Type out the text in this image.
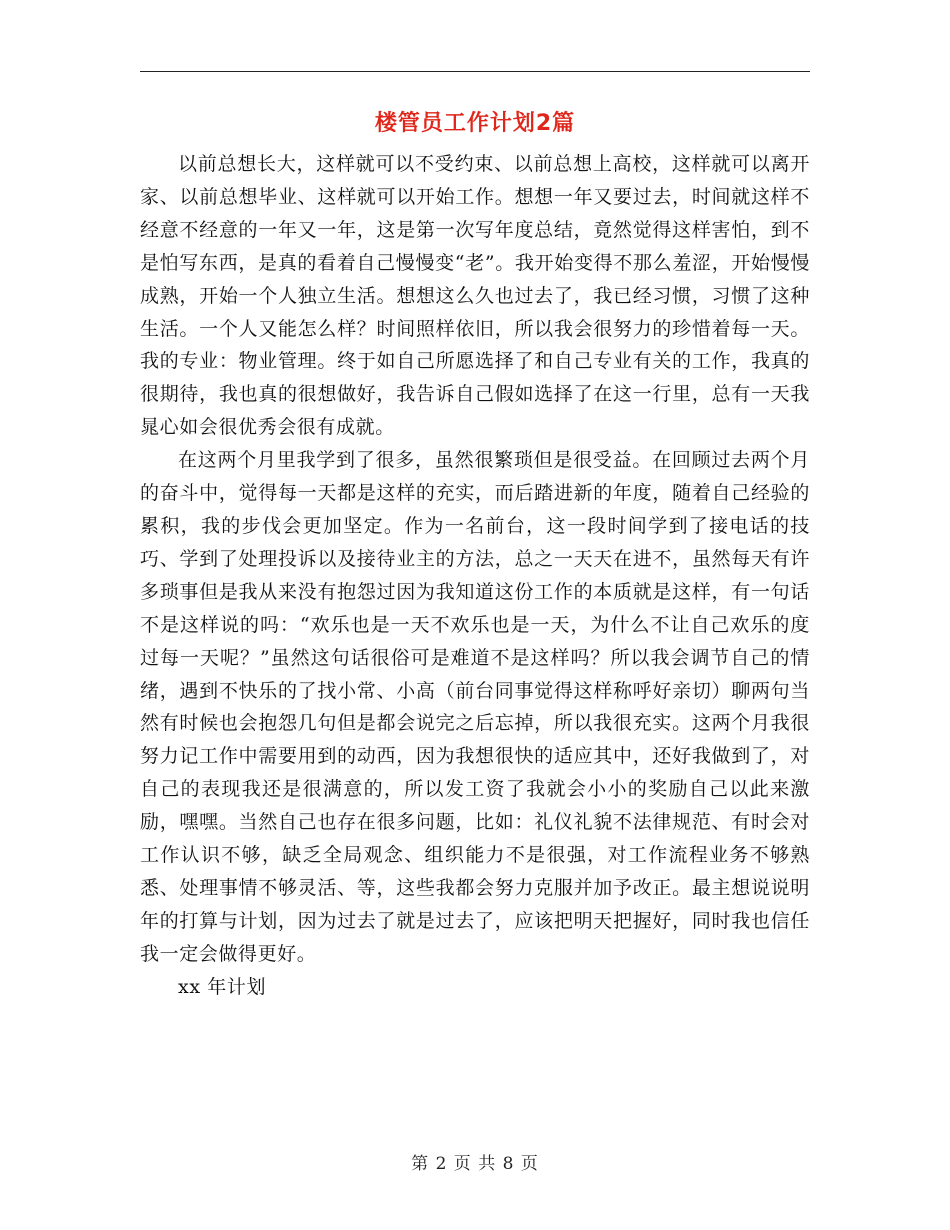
楼管员工作计划2篇

以前总想长大，这样就可以不受约束、以前总想上高校，这样就可以离开家、以前总想毕业、这样就可以开始工作。想想一年又要过去，时间就这样不经意不经意的一年又一年，这是第一次写年度总结，竟然觉得这样害怕，到不是怕写东西，是真的看着自己慢慢变“老”。我开始变得不那么羞涩，开始慢慢成熟，开始一个人独立生活。想想这么久也过去了，我已经习惯，习惯了这种生活。一个人又能怎么样？时间照样依旧，所以我会很努力的珍惜着每一天。我的专业：物业管理。终于如自己所愿选择了和自己专业有关的工作，我真的很期待，我也真的很想做好，我告诉自己假如选择了在这一行里，总有一天我晁心如会很优秀会很有成就。

在这两个月里我学到了很多，虽然很繁琐但是很受益。在回顾过去两个月的奋斗中，觉得每一天都是这样的充实，而后踏进新的年度，随着自己经验的累积，我的步伐会更加坚定。作为一名前台，这一段时间学到了接电话的技巧、学到了处理投诉以及接待业主的方法，总之一天天在进不，虽然每天有许多琐事但是我从来没有抱怨过因为我知道这份工作的本质就是这样，有一句话不是这样说的吗：“欢乐也是一天不欢乐也是一天，为什么不让自己欢乐的度过每一天呢？”虽然这句话很俗可是难道不是这样吗？所以我会调节自己的情绪，遇到不快乐的了找小常、小高（前台同事觉得这样称呼好亲切）聊两句当然有时候也会抱怨几句但是都会说完之后忘掉，所以我很充实。这两个月我很努力记工作中需要用到的动西，因为我想很快的适应其中，还好我做到了，对自己的表现我还是很满意的，所以发工资了我就会小小的奖励自己以此来激励，嘿嘿。当然自己也存在很多问题，比如：礼仪礼貌不法律规范、有时会对工作认识不够，缺乏全局观念、组织能力不是很强，对工作流程业务不够熟悉、处理事情不够灵活、等，这些我都会努力克服并加予改正。最主想说说明年的打算与计划，因为过去了就是过去了，应该把明天把握好，同时我也信任我一定会做得更好。

xx 年计划

第 2 页 共 8 页
